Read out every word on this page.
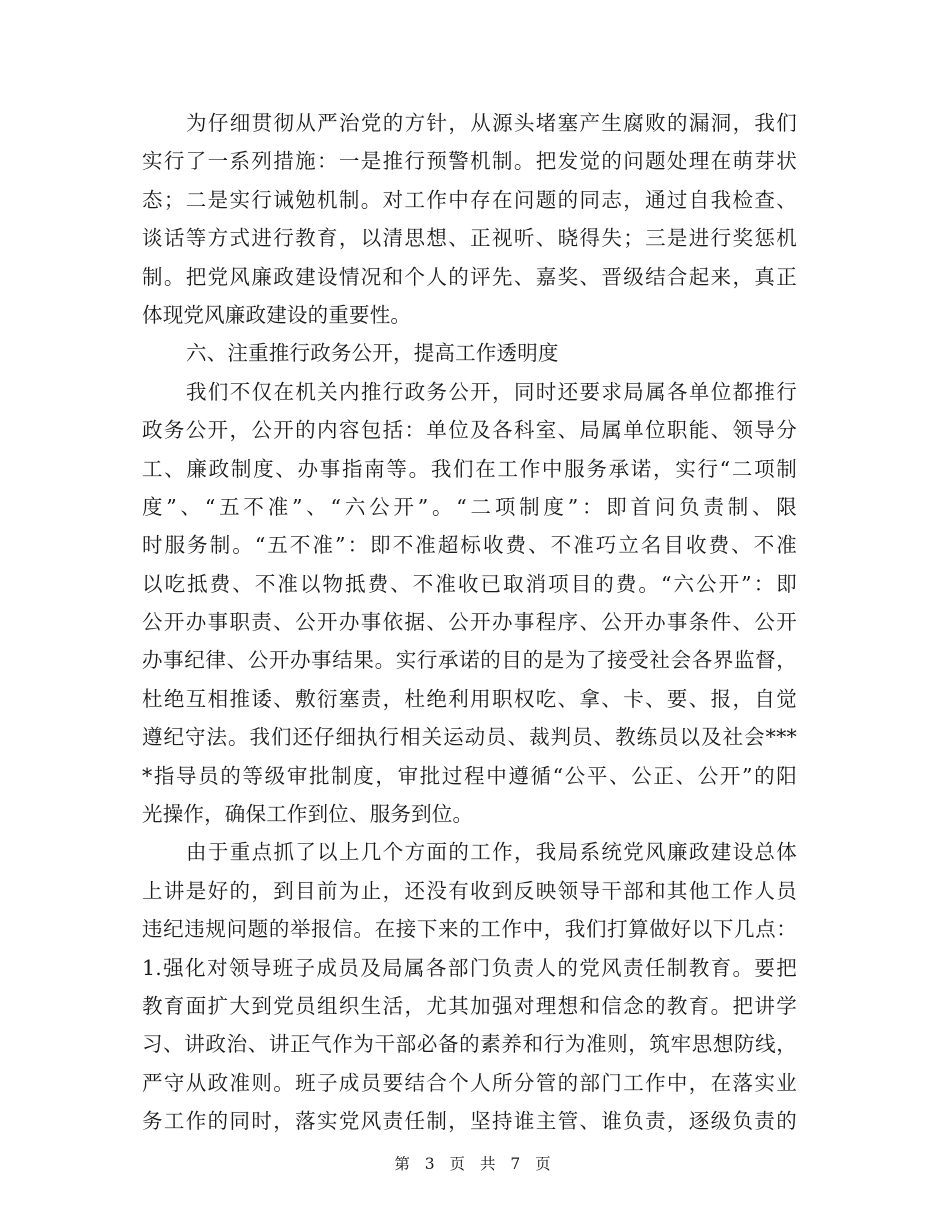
为仔细贯彻从严治党的方针，从源头堵塞产生腐败的漏洞，我们
实行了一系列措施：一是推行预警机制。把发觉的问题处理在萌芽状
态；二是实行诫勉机制。对工作中存在问题的同志，通过自我检查、
谈话等方式进行教育，以清思想、正视听、晓得失；三是进行奖惩机
制。把党风廉政建设情况和个人的评先、嘉奖、晋级结合起来，真正
体现党风廉政建设的重要性。
六、注重推行政务公开，提高工作透明度
我们不仅在机关内推行政务公开，同时还要求局属各单位都推行
政务公开，公开的内容包括：单位及各科室、局属单位职能、领导分
工、廉政制度、办事指南等。我们在工作中服务承诺，实行“二项制
度”、“五不准”、“六公开”。“二项制度”：即首问负责制、限
时服务制。“五不准”：即不准超标收费、不准巧立名目收费、不准
以吃抵费、不准以物抵费、不准收已取消项目的费。“六公开”：即
公开办事职责、公开办事依据、公开办事程序、公开办事条件、公开
办事纪律、公开办事结果。实行承诺的目的是为了接受社会各界监督，
杜绝互相推诿、敷衍塞责，杜绝利用职权吃、拿、卡、要、报，自觉
遵纪守法。我们还仔细执行相关运动员、裁判员、教练员以及社会***
*指导员的等级审批制度，审批过程中遵循“公平、公正、公开”的阳
光操作，确保工作到位、服务到位。
由于重点抓了以上几个方面的工作，我局系统党风廉政建设总体
上讲是好的，到目前为止，还没有收到反映领导干部和其他工作人员
违纪违规问题的举报信。在接下来的工作中，我们打算做好以下几点：
1.强化对领导班子成员及局属各部门负责人的党风责任制教育。要把
教育面扩大到党员组织生活，尤其加强对理想和信念的教育。把讲学
习、讲政治、讲正气作为干部必备的素养和行为准则，筑牢思想防线，
严守从政准则。班子成员要结合个人所分管的部门工作中，在落实业
务工作的同时，落实党风责任制，坚持谁主管、谁负责，逐级负责的
第 3 页 共 7 页
